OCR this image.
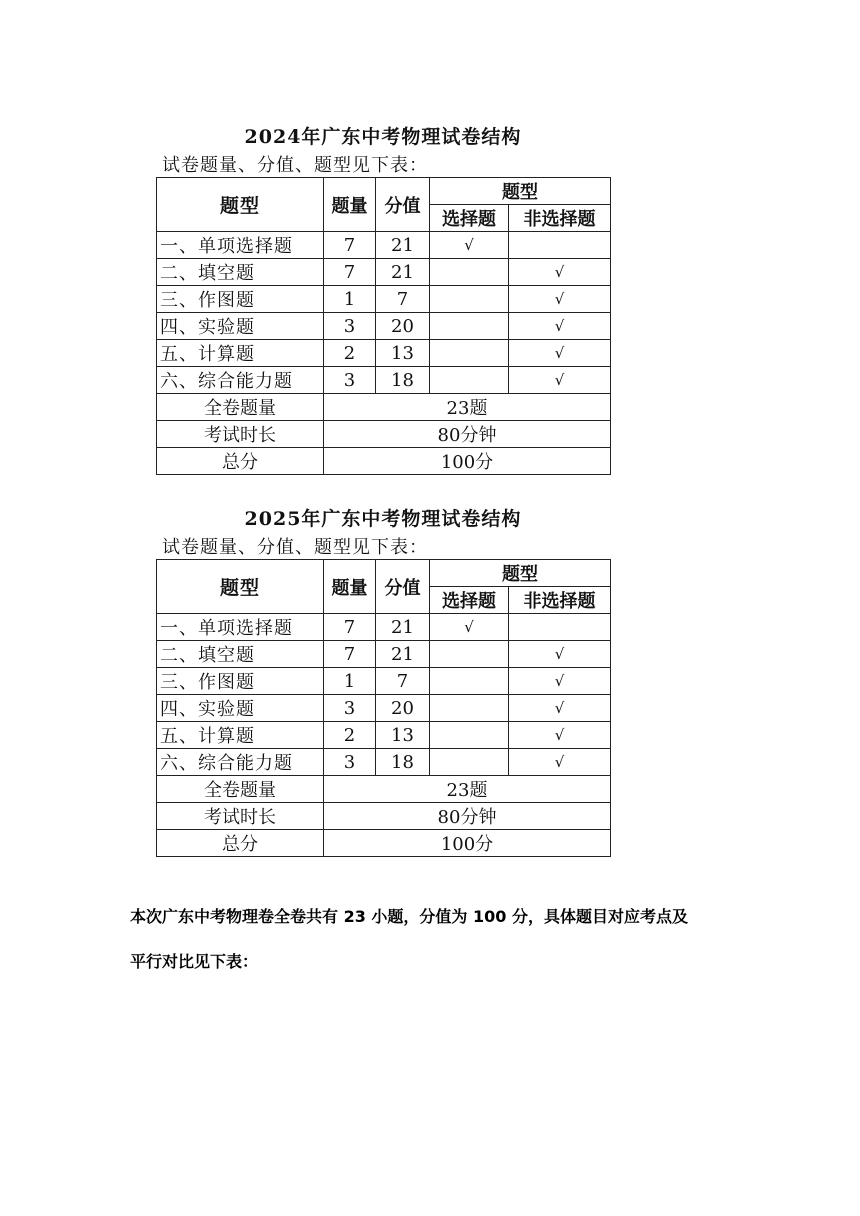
2024年广东中考物理试卷结构
试卷题量、分值、题型见下表：
题型	题量	分值	题型	
			选择题	非选择题
一、单项选择题	7	21	√	
二、填空题	7	21		√
三、作图题	1	7		√
四、实验题	3	20		√
五、计算题	2	13		√
六、综合能力题	3	18		√
全卷题量	23题			
考试时长	80分钟			
总分	100分			
2025年广东中考物理试卷结构
试卷题量、分值、题型见下表：
题型	题量	分值	题型	
			选择题	非选择题
一、单项选择题	7	21	√	
二、填空题	7	21		√
三、作图题	1	7		√
四、实验题	3	20		√
五、计算题	2	13		√
六、综合能力题	3	18		√
全卷题量	23题			
考试时长	80分钟			
总分	100分			
本次广东中考物理卷全卷共有 23 小题，分值为 100 分，具体题目对应考点及
平行对比见下表：
